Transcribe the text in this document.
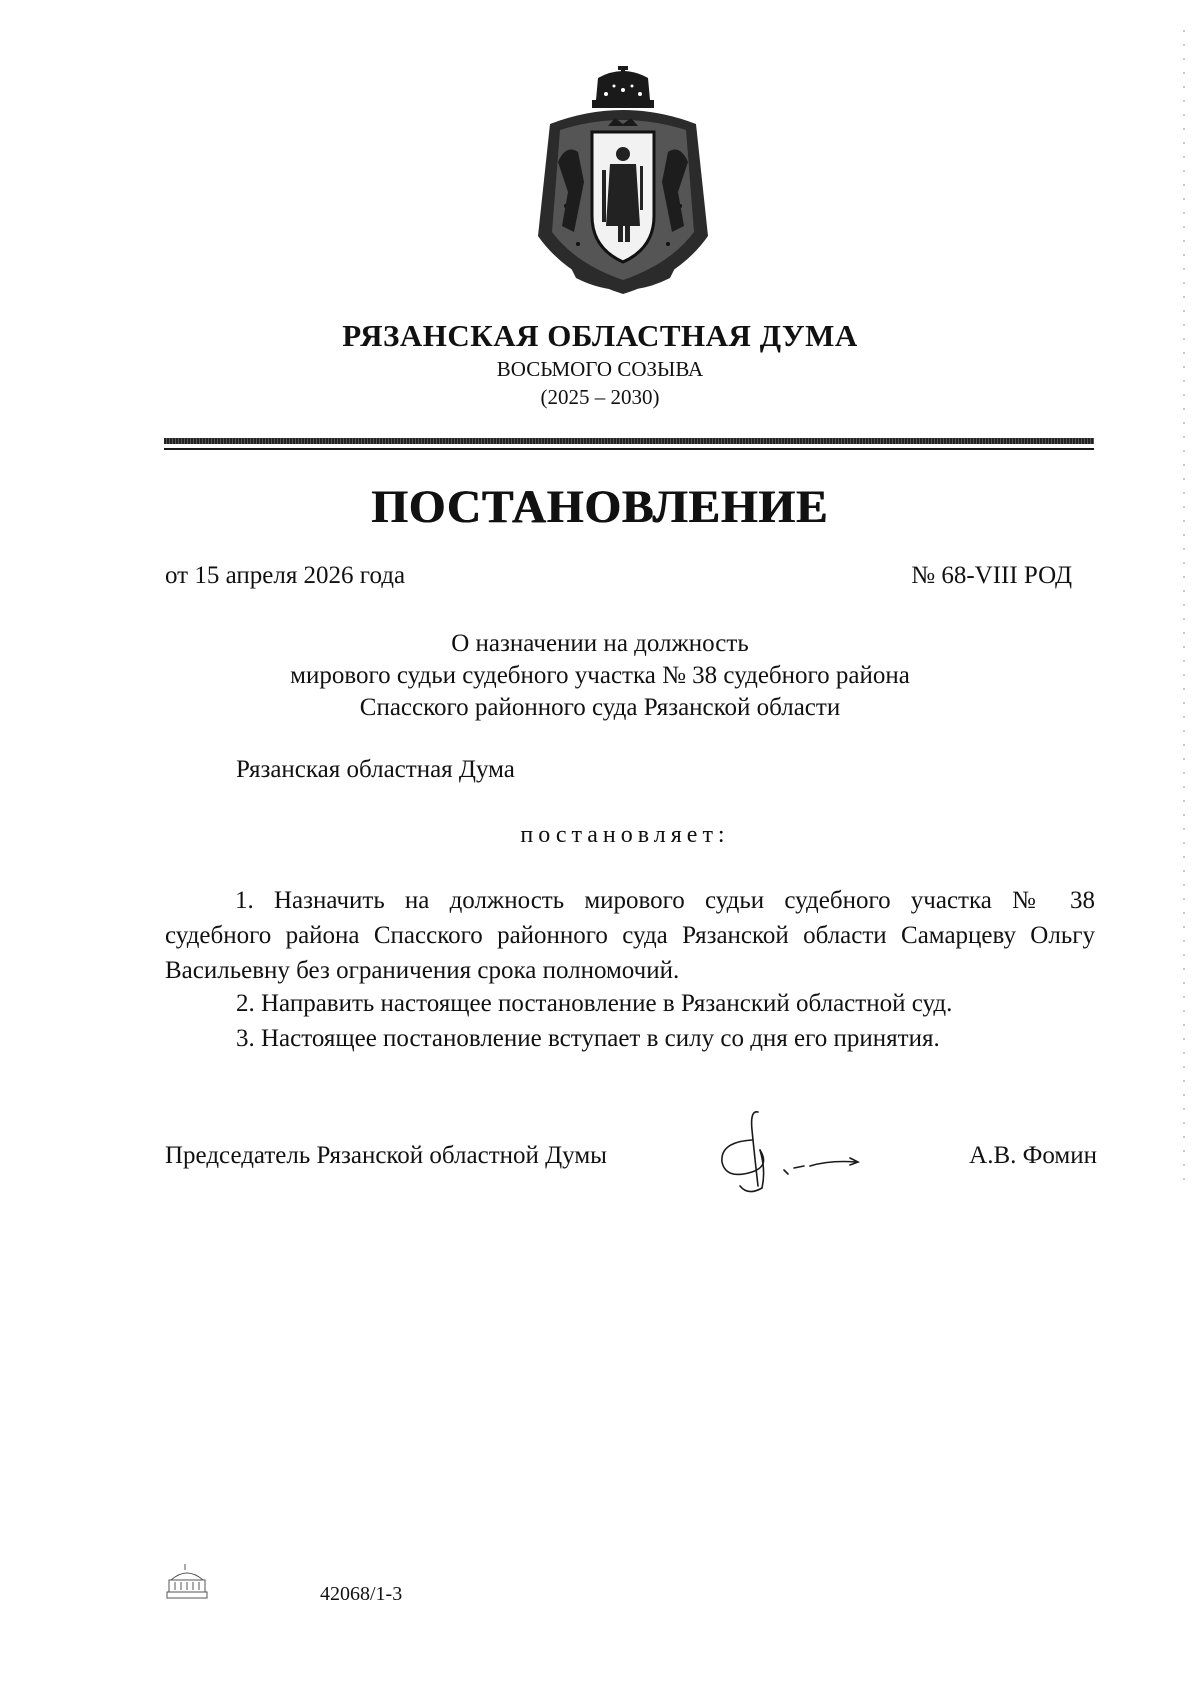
РЯЗАНСКАЯ ОБЛАСТНАЯ ДУМА
ВОСЬМОГО СОЗЫВА
(2025 – 2030)
ПОСТАНОВЛЕНИЕ
от 15 апреля 2026 года	№ 68-VIII РОД
О назначении на должность
мирового судьи судебного участка № 38 судебного района
Спасского районного суда Рязанской области
Рязанская областная Дума
постановляет:
1. Назначить на должность мирового судьи судебного участка № 38
судебного района Спасского районного суда Рязанской области Самарцеву Ольгу Васильевну без ограничения срока полномочий.
2. Направить настоящее постановление в Рязанский областной суд.
3. Настоящее постановление вступает в силу со дня его принятия.
Председатель Рязанской областной Думы	А.В. Фомин
42068/1-3
